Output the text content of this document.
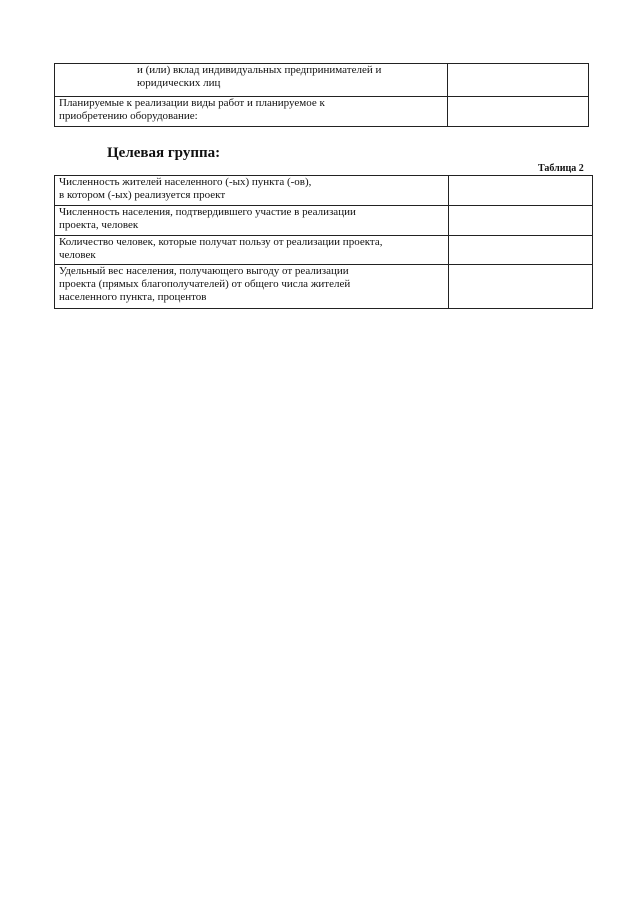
и (или) вклад индивидуальных предпринимателей и
юридических лиц	

Планируемые к реализации виды работ и планируемое к
приобретению оборудование:	

Целевая группа:
Таблица 2
Численность жителей населенного (-ых) пункта (-ов),
в котором (-ых) реализуется проект	

Численность населения, подтвердившего участие в реализации
проекта, человек	

Количество человек, которые получат пользу от реализации проекта,
человек	

Удельный вес населения, получающего выгоду от реализации
проекта (прямых благополучателей) от общего числа жителей
населенного пункта, процентов	
